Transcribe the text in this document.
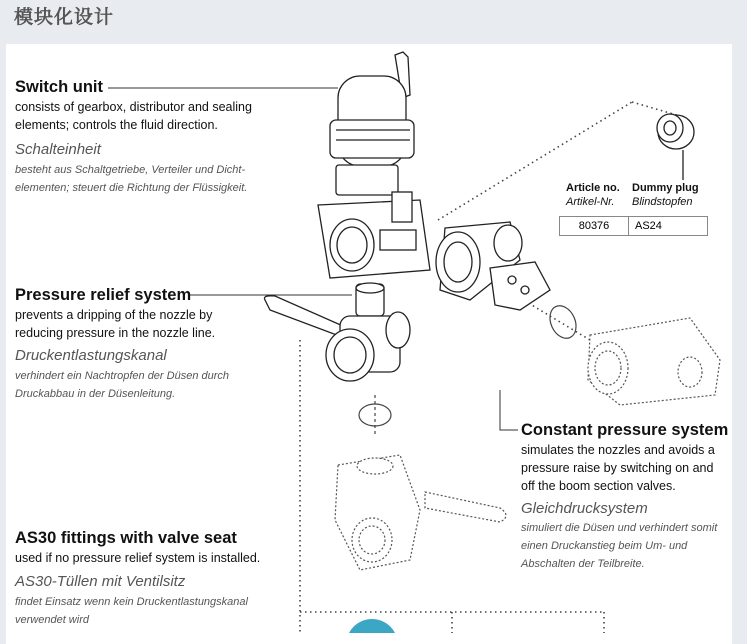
模块化设计
Switch unit
consists of gearbox, distributor and sealing elements; controls the fluid direction.
Schalteinheit
besteht aus Schaltgetriebe, Verteiler und Dicht-elementen; steuert die Richtung der Flüssigkeit.
Pressure relief system
prevents a dripping of the nozzle by reducing pressure in the nozzle line.
Druckentlastungskanal
verhindert ein Nachtropfen der Düsen durch Druckabbau in der Düsenleitung.
AS30 fittings with valve seat
used if no pressure relief system is installed.
AS30-Tüllen mit Ventilsitz
findet Einsatz wenn kein Druckentlastungskanal verwendet wird
Constant pressure system
simulates the nozzles and avoids a pressure raise by switching on and off the boom section valves.
Gleichdrucksystem
simuliert die Düsen und verhindert somit einen Druckanstieg beim Um- und Abschalten der Teilbreite.
Article no.
Artikel-Nr.
Dummy plug
Blindstopfen
80376	AS24
